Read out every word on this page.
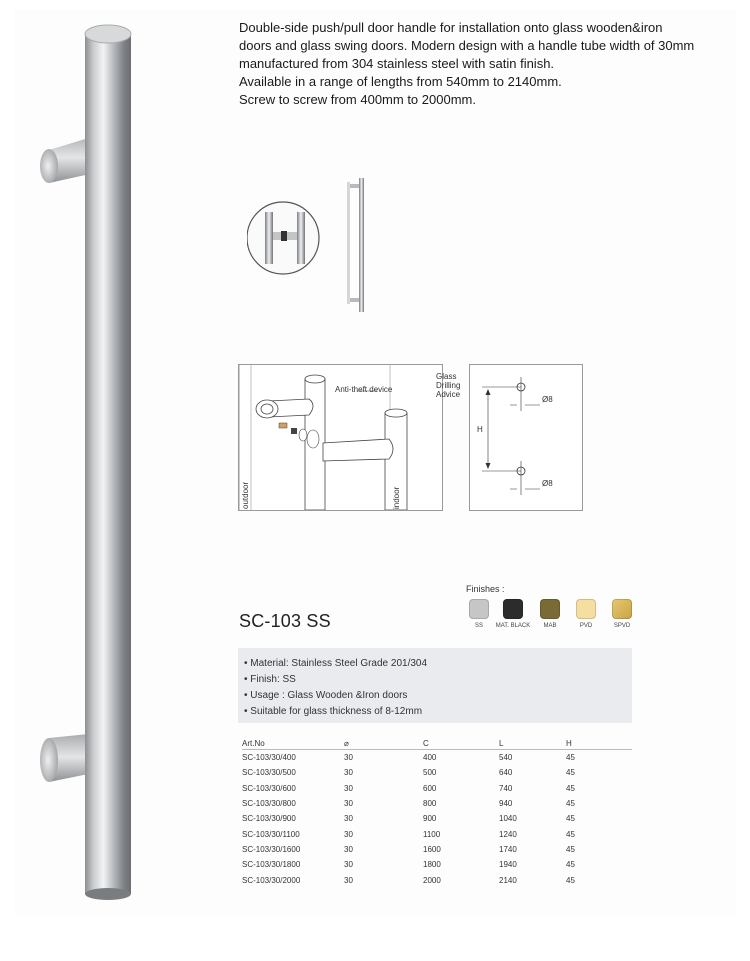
Double-side push/pull door handle for installation onto glass wooden&iron
doors and glass swing doors. Modern design with a handle tube width of 30mm
manufactured from 304 stainless steel with satin finish.
Available in a range of lengths from 540mm to 2140mm.
Screw to screw from 400mm to 2000mm.
Anti-theft device
outdoor	indoor
Glass
Drilling
Advice
Ø8
Ø8
H
Finishes :
SS	MAT. BLACK	MAB	PVD	SPVD
SC-103 SS
• Material: Stainless Steel Grade 201/304
• Finish: SS
• Usage : Glass Wooden &Iron doors
• Suitable for glass thickness of 8-12mm
Art.No	⌀	C	L	H
SC-103/30/400	30	400	540	45
SC-103/30/500	30	500	640	45
SC-103/30/600	30	600	740	45
SC-103/30/800	30	800	940	45
SC-103/30/900	30	900	1040	45
SC-103/30/1100	30	1100	1240	45
SC-103/30/1600	30	1600	1740	45
SC-103/30/1800	30	1800	1940	45
SC-103/30/2000	30	2000	2140	45
